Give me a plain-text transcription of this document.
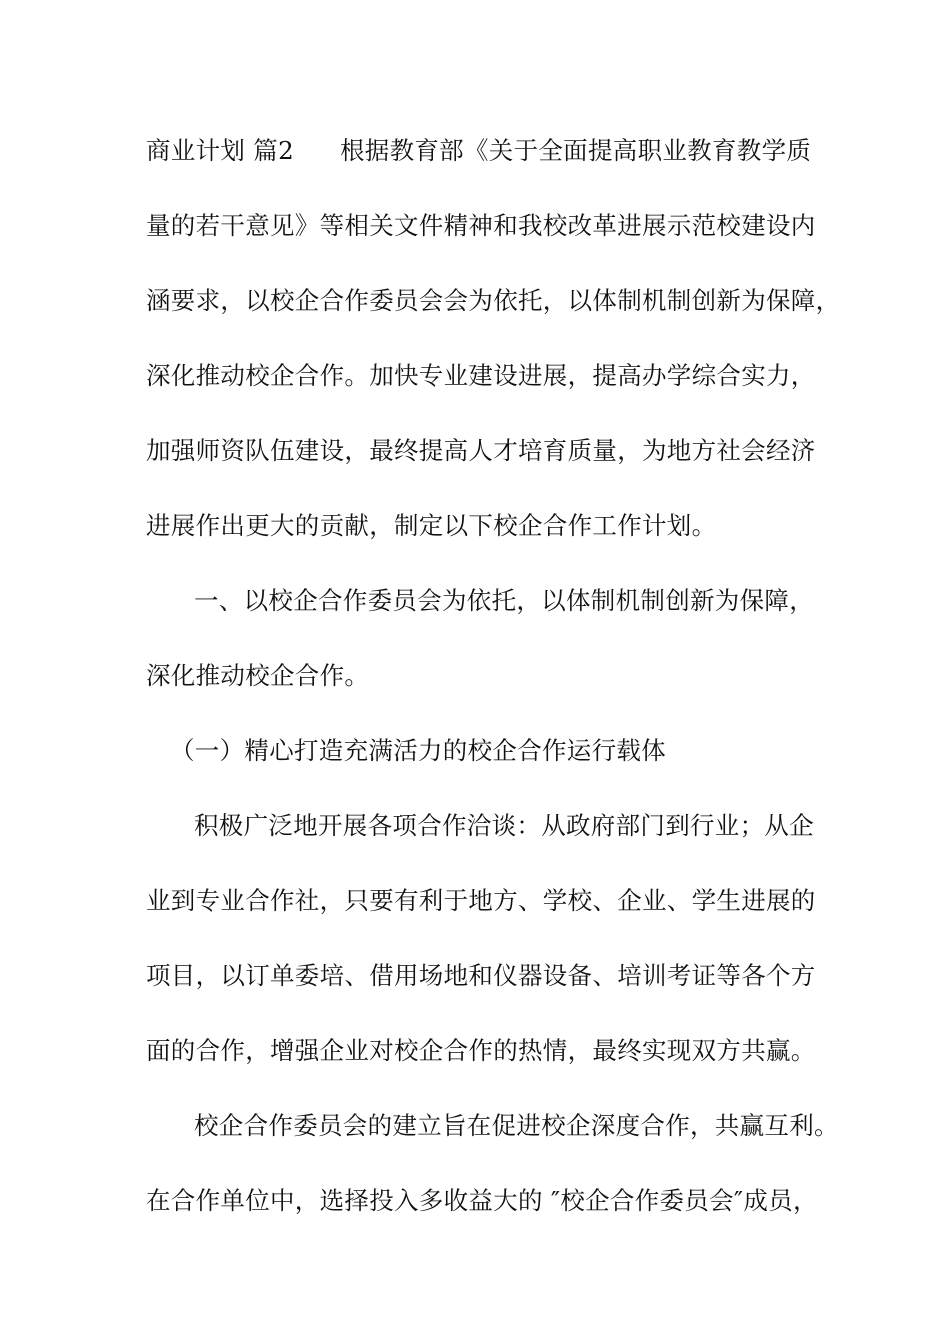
商业计划 篇2 根据教育部《关于全面提高职业教育教学质
量的若干意见》等相关文件精神和我校改革进展示范校建设内
涵要求，以校企合作委员会会为依托，以体制机制创新为保障，
深化推动校企合作。加快专业建设进展，提高办学综合实力，
加强师资队伍建设，最终提高人才培育质量，为地方社会经济
进展作出更大的贡献，制定以下校企合作工作计划。
一、以校企合作委员会为依托，以体制机制创新为保障，
深化推动校企合作。
（一）精心打造充满活力的校企合作运行载体
积极广泛地开展各项合作洽谈：从政府部门到行业；从企
业到专业合作社，只要有利于地方、学校、企业、学生进展的
项目，以订单委培、借用场地和仪器设备、培训考证等各个方
面的合作，增强企业对校企合作的热情，最终实现双方共赢。
校企合作委员会的建立旨在促进校企深度合作，共赢互利。
在合作单位中，选择投入多收益大的 ″校企合作委员会″成员，
